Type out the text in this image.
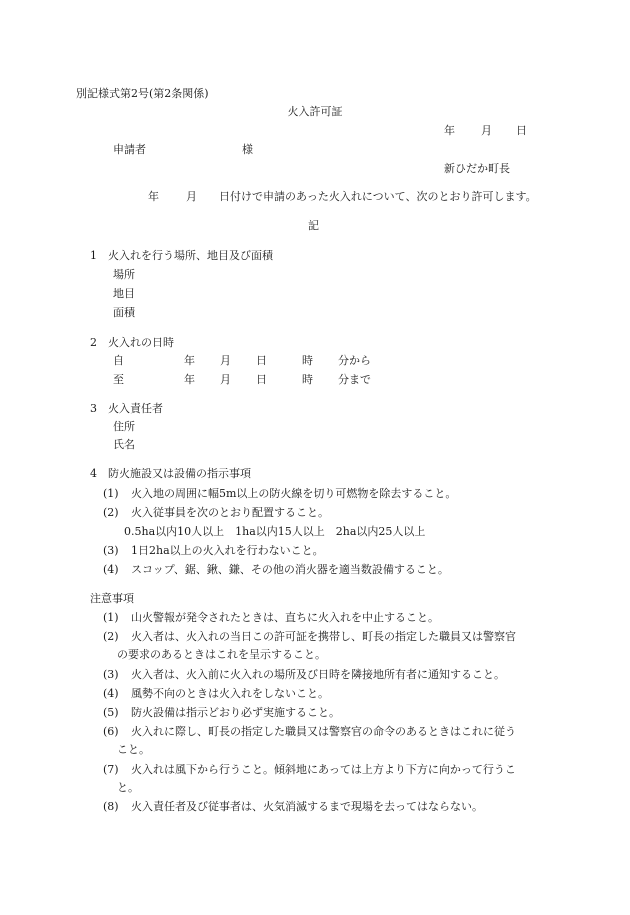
別記様式第2号(第2条関係)
火入許可証
年 月 日
申請者	様
新ひだか町長
年 月 日付けで申請のあった火入れについて、次のとおり許可します。
記
1　火入れを行う場所、地目及び面積
場所
地目
面積
2　火入れの日時
自	年 月 日	時 分から
至	年 月 日	時 分まで
3　火入責任者
住所
氏名
4　防火施設又は設備の指示事項
(1) 火入地の周囲に幅5m以上の防火線を切り可燃物を除去すること。
(2) 火入従事員を次のとおり配置すること。
0.5ha以内10人以上　1ha以内15人以上　2ha以内25人以上
(3) 1日2ha以上の火入れを行わないこと。
(4) スコップ、鋸、鍬、鎌、その他の消火器を適当数設備すること。
注意事項
(1) 山火警報が発令されたときは、直ちに火入れを中止すること。
(2) 火入者は、火入れの当日この許可証を携帯し、町長の指定した職員又は警察官
の要求のあるときはこれを呈示すること。
(3) 火入者は、火入前に火入れの場所及び日時を隣接地所有者に通知すること。
(4) 風勢不向のときは火入れをしないこと。
(5) 防火設備は指示どおり必ず実施すること。
(6) 火入れに際し、町長の指定した職員又は警察官の命令のあるときはこれに従う
こと。
(7) 火入れは風下から行うこと。傾斜地にあっては上方より下方に向かって行うこ
と。
(8) 火入責任者及び従事者は、火気消滅するまで現場を去ってはならない。
